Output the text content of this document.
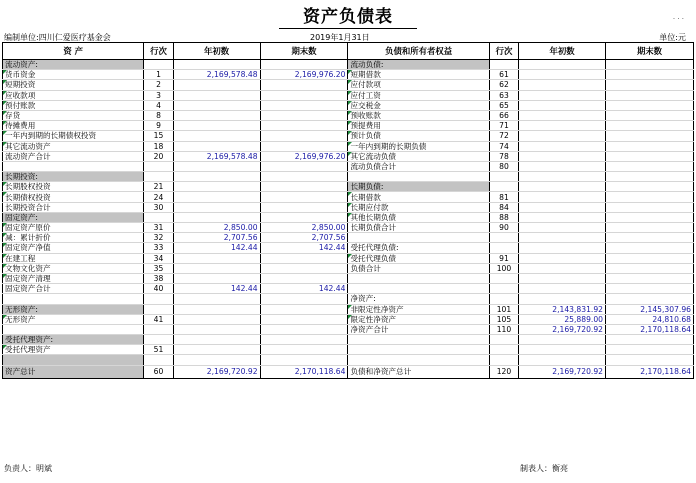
资产负债表	· · ·
编制单位:四川仁爱医疗基金会	2019年1月31日	单位:元
资 产	行次	年初数	期末数	负债和所有者权益	行次	年初数	期末数
流动资产:				流动负债:			
货币资金	1	2,169,578.48	2,169,976.20	短期借款	61		
短期投资	2			应付款项	62		
应收款项	3			应付工资	63		
预付账款	4			应交税金	65		
存货	8			预收账款	66		
待摊费用	9			预提费用	71		
一年内到期的长期债权投资	15			预计负债	72		
其它流动资产	18			一年内到期的长期负债	74		
流动资产合计	20	2,169,578.48	2,169,976.20	其它流动负债	78		
				流动负债合计	80		
长期投资:							
长期股权投资	21			长期负债:			
长期债权投资	24			长期借款	81		
长期投资合计	30			长期应付款	84		
固定资产:				其他长期负债	88		
固定资产原价	31	2,850.00	2,850.00	长期负债合计	90		
减：累计折价	32	2,707.56	2,707.56				
固定资产净值	33	142.44	142.44	受托代理负债:			
在建工程	34			受托代理负债	91		
文物文化资产	35			负债合计	100		
固定资产清理	38						
固定资产合计	40	142.44	142.44				
				净资产:			
无形资产:				非限定性净资产	101	2,143,831.92	2,145,307.96
无形资产	41			限定性净资产	105	25,889.00	24,810.68
				净资产合计	110	2,169,720.92	2,170,118.64
受托代理资产:							
受托代理资产	51						

资产总计	60	2,169,720.92	2,170,118.64	负债和净资产总计	120	2,169,720.92	2,170,118.64
负责人：明斌	制表人：衡亮
